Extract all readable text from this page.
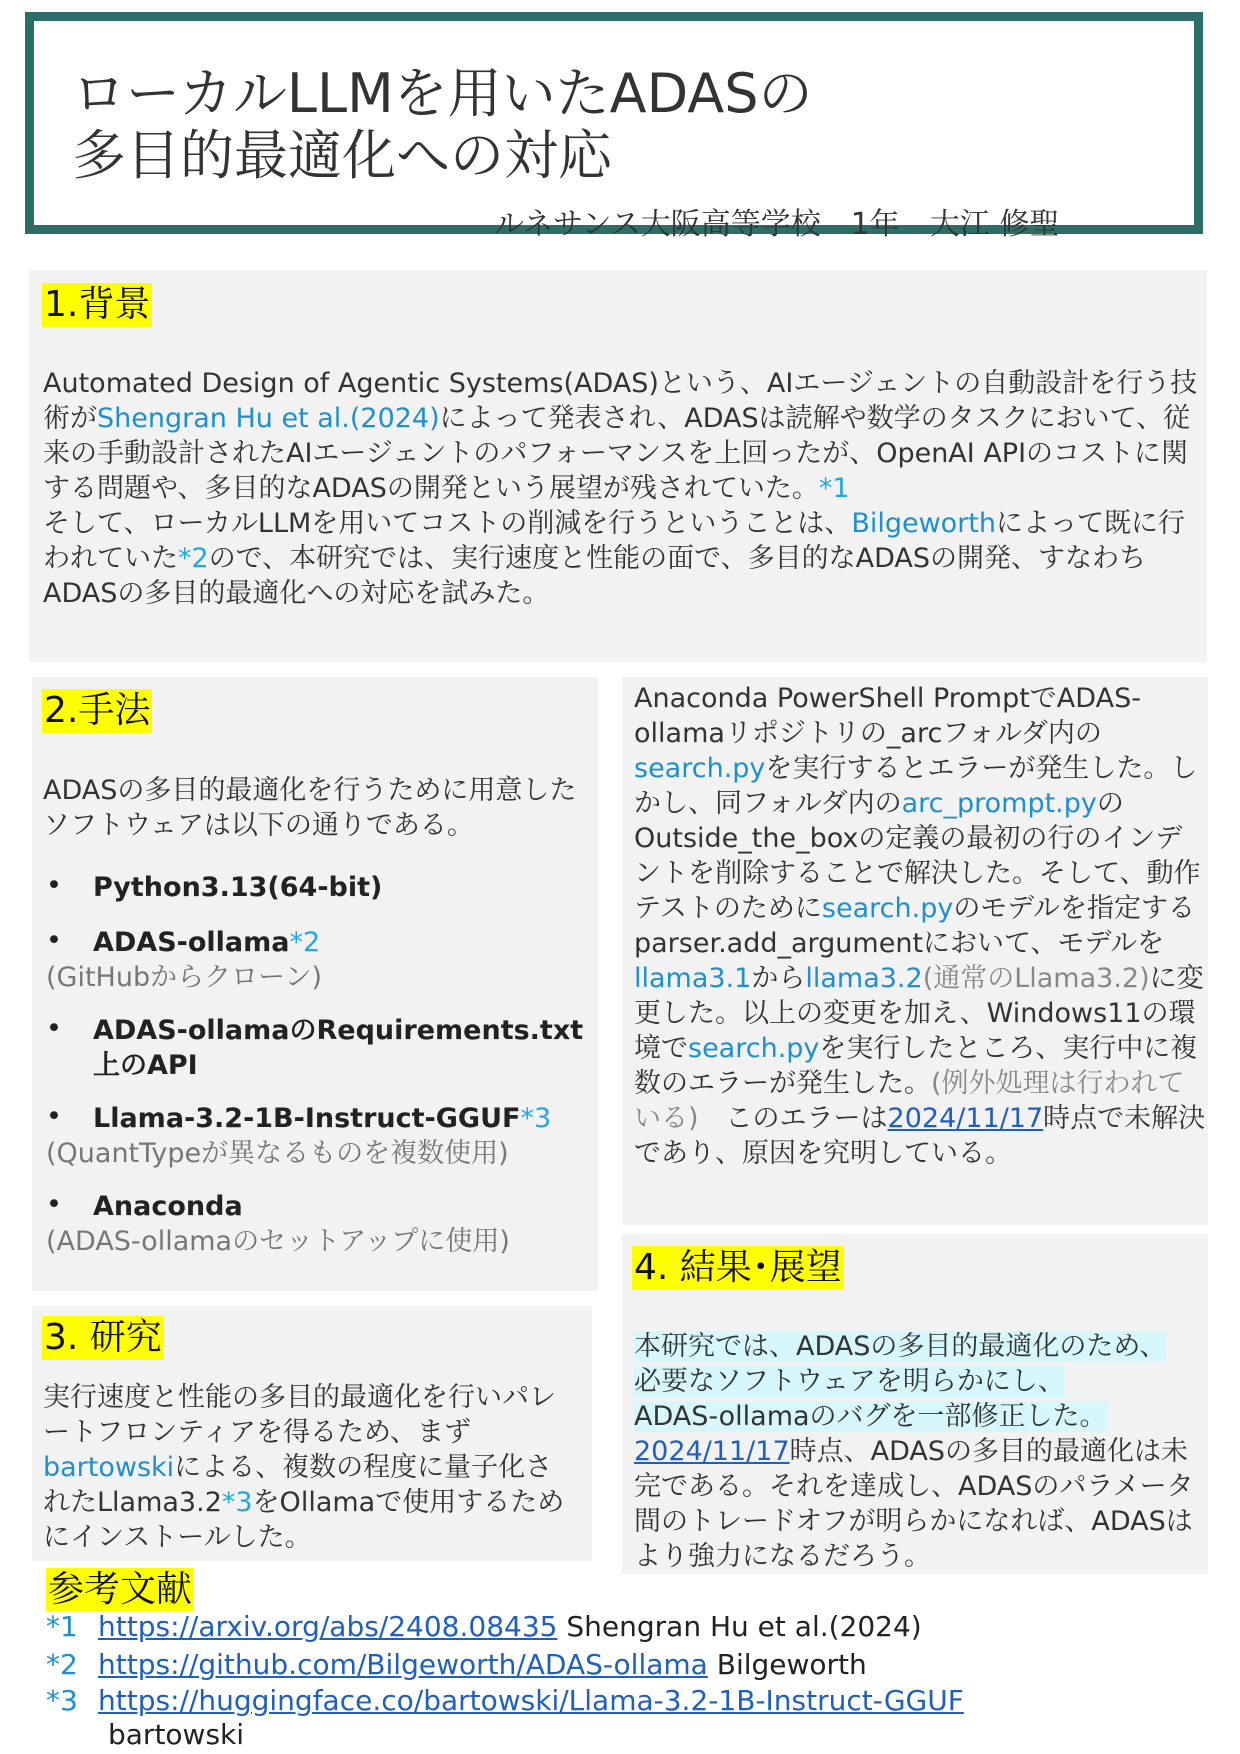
ローカルLLMを用いたADASの
多目的最適化への対応
ルネサンス大阪高等学校　1年　大江 修聖
1.背景
Automated Design of Agentic Systems(ADAS)という、AIエージェントの自動設計を行う技術がShengran Hu et al.(2024)によって発表され、ADASは読解や数学のタスクにおいて、従来の手動設計されたAIエージェントのパフォーマンスを上回ったが、OpenAI APIのコストに関する問題や、多目的なADASの開発という展望が残されていた。*1
そして、ローカルLLMを用いてコストの削減を行うということは、Bilgeworthによって既に行われていた*2ので、本研究では、実行速度と性能の面で、多目的なADASの開発、すなわちADASの多目的最適化への対応を試みた。
2.手法
ADASの多目的最適化を行うために用意したソフトウェアは以下の通りである。
•	Python3.13(64-bit)
•	ADAS-ollama*2
(GitHubからクローン)
•	ADAS-ollamaのRequirements.txt上のAPI
•	Llama-3.2-1B-Instruct-GGUF*3
(QuantTypeが異なるものを複数使用)
•	Anaconda
(ADAS-ollamaのセットアップに使用)
3. 研究
実行速度と性能の多目的最適化を行いパレートフロンティアを得るため、まずbartowskiによる、複数の程度に量子化されたLlama3.2*3をOllamaで使用するためにインストールした。
Anaconda PowerShell PromptでADAS-ollamaリポジトリの_arcフォルダ内のsearch.pyを実行するとエラーが発生した。しかし、同フォルダ内のarc_prompt.pyのOutside_the_boxの定義の最初の行のインデントを削除することで解決した。そして、動作テストのためにsearch.pyのモデルを指定するparser.add_argumentにおいて、モデルをllama3.1からllama3.2(通常のLlama3.2)に変更した。以上の変更を加え、Windows11の環境でsearch.pyを実行したところ、実行中に複数のエラーが発生した。(例外処理は行われている)　このエラーは2024/11/17時点で未解決であり、原因を究明している。
4. 結果･展望
本研究では、ADASの多目的最適化のため、
必要なソフトウェアを明らかにし、
ADAS-ollamaのバグを一部修正した。
2024/11/17時点、ADASの多目的最適化は未完である。それを達成し、ADASのパラメータ間のトレードオフが明らかになれば、ADASはより強力になるだろう。
参考文献
*1 https://arxiv.org/abs/2408.08435 Shengran Hu et al.(2024)
*2 https://github.com/Bilgeworth/ADAS-ollama Bilgeworth
*3 https://huggingface.co/bartowski/Llama-3.2-1B-Instruct-GGUF
bartowski
